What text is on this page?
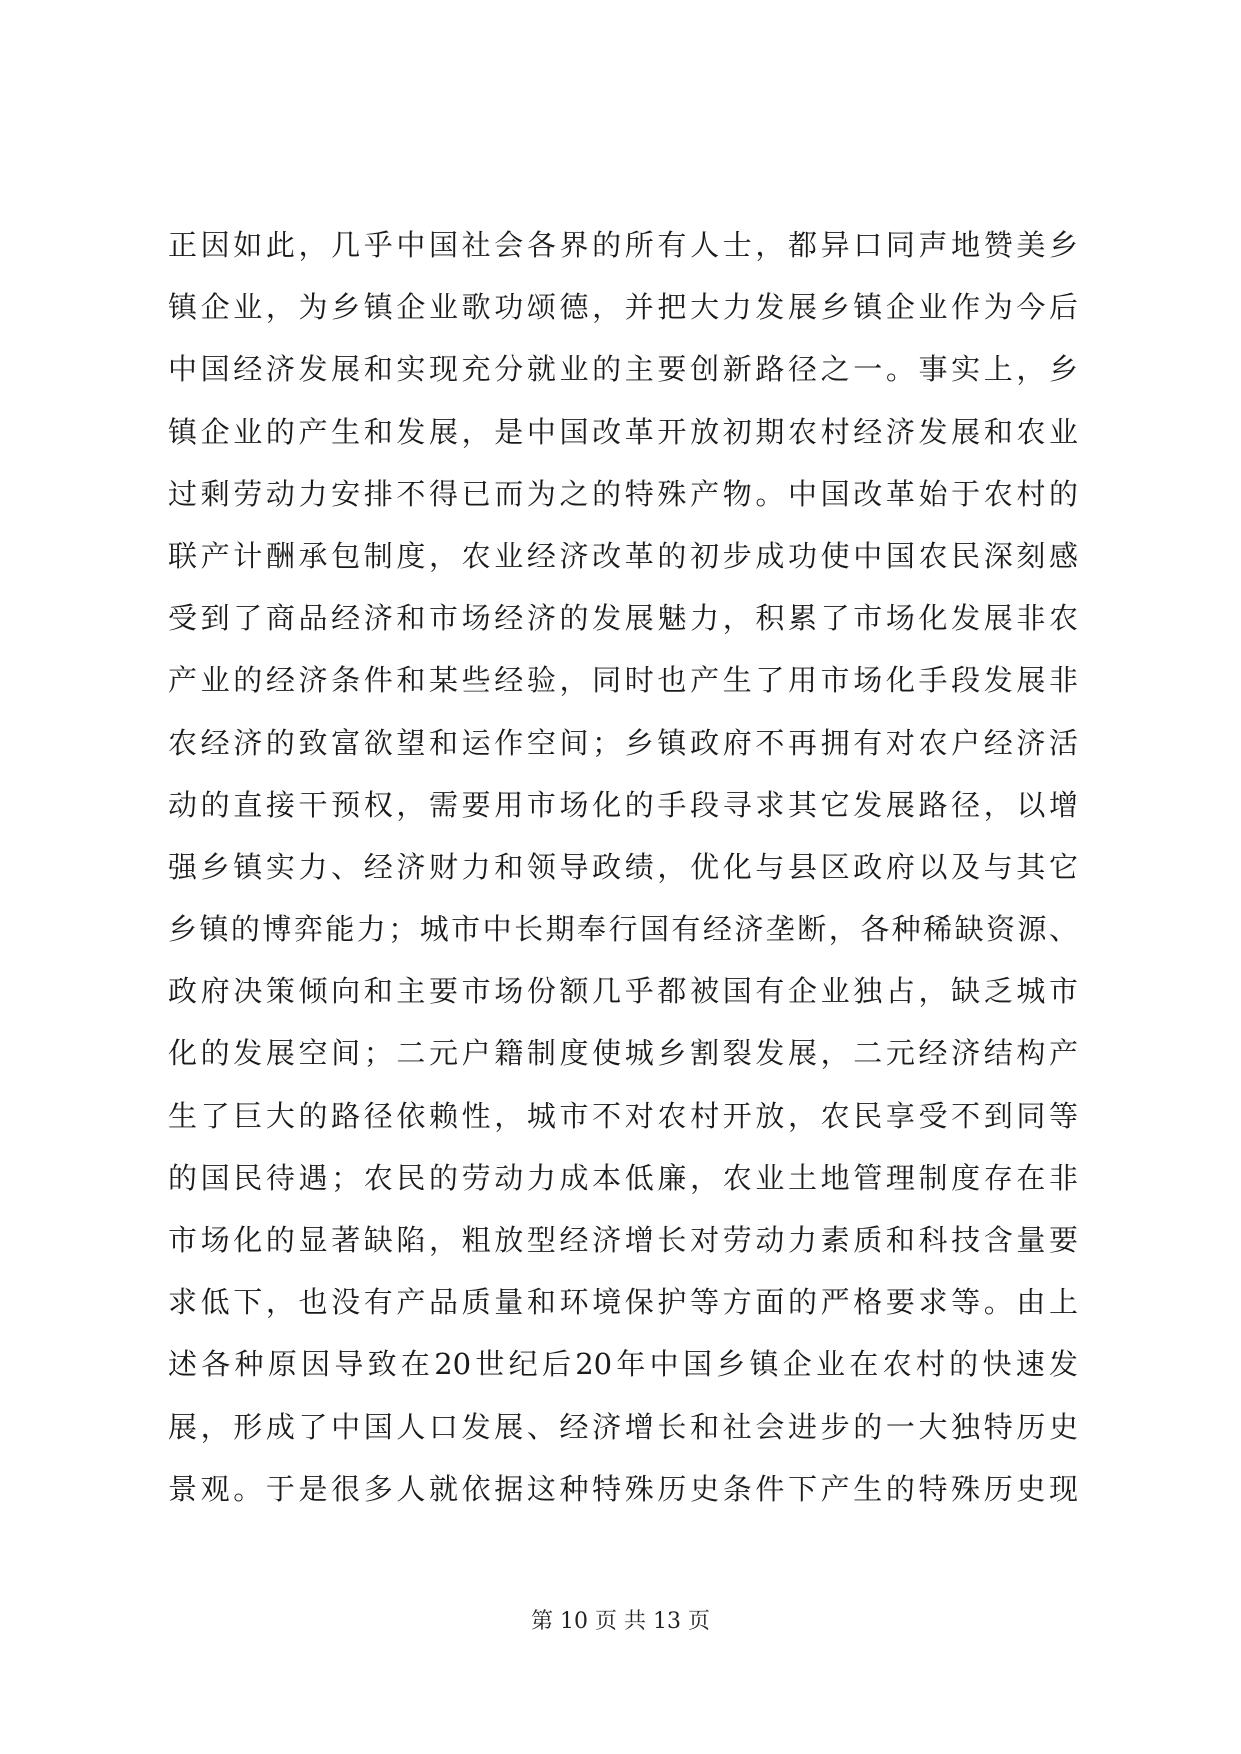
正因如此，几乎中国社会各界的所有人士，都异口同声地赞美乡
镇企业，为乡镇企业歌功颂德，并把大力发展乡镇企业作为今后
中国经济发展和实现充分就业的主要创新路径之一。事实上，乡
镇企业的产生和发展，是中国改革开放初期农村经济发展和农业
过剩劳动力安排不得已而为之的特殊产物。中国改革始于农村的
联产计酬承包制度，农业经济改革的初步成功使中国农民深刻感
受到了商品经济和市场经济的发展魅力，积累了市场化发展非农
产业的经济条件和某些经验，同时也产生了用市场化手段发展非
农经济的致富欲望和运作空间；乡镇政府不再拥有对农户经济活
动的直接干预权，需要用市场化的手段寻求其它发展路径，以增
强乡镇实力、经济财力和领导政绩，优化与县区政府以及与其它
乡镇的博弈能力；城市中长期奉行国有经济垄断，各种稀缺资源、
政府决策倾向和主要市场份额几乎都被国有企业独占，缺乏城市
化的发展空间；二元户籍制度使城乡割裂发展，二元经济结构产
生了巨大的路径依赖性，城市不对农村开放，农民享受不到同等
的国民待遇；农民的劳动力成本低廉，农业土地管理制度存在非
市场化的显著缺陷，粗放型经济增长对劳动力素质和科技含量要
求低下，也没有产品质量和环境保护等方面的严格要求等。由上
述各种原因导致在20世纪后20年中国乡镇企业在农村的快速发
展，形成了中国人口发展、经济增长和社会进步的一大独特历史
景观。于是很多人就依据这种特殊历史条件下产生的特殊历史现
第 10 页 共 13 页
